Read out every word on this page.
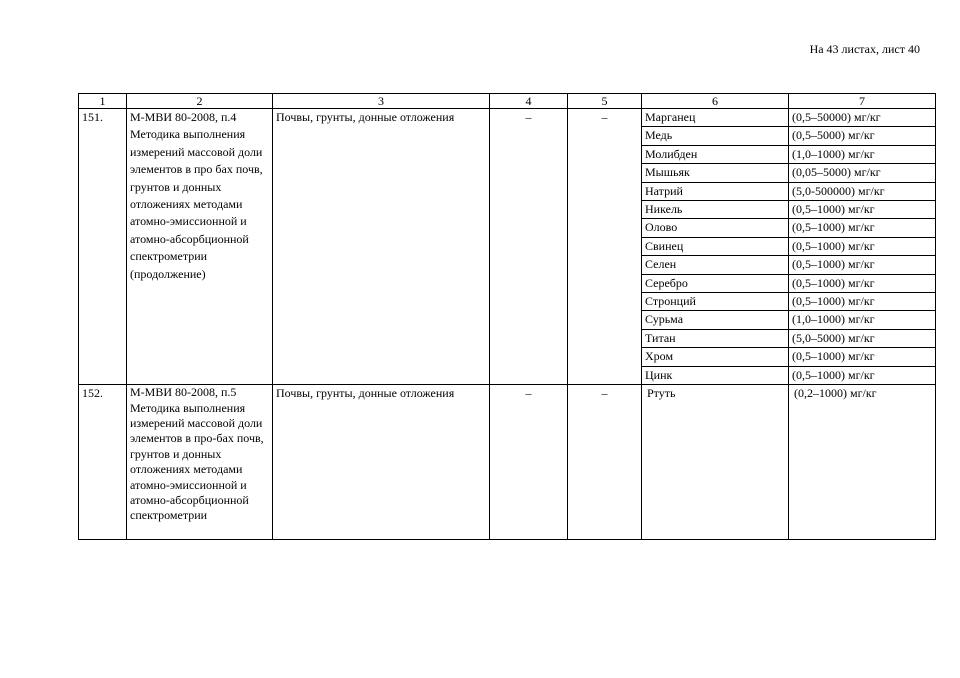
На 43 листах, лист 40
1	2	3	4	5	6	7
151.	М-МВИ 80-2008, п.4 Методика выполнения измерений массовой доли элементов в про бах почв, грунтов и донных отложениях методами атомно-эмиссионной и атомно-абсорбционной спектрометрии (продолжение)	Почвы, грунты, донные отложения	–	–	Марганец	(0,5–50000) мг/кг
					Медь	(0,5–5000) мг/кг
					Молибден	(1,0–1000) мг/кг
					Мышьяк	(0,05–5000) мг/кг
					Натрий	(5,0-500000) мг/кг
					Никель	(0,5–1000) мг/кг
					Олово	(0,5–1000) мг/кг
					Свинец	(0,5–1000) мг/кг
					Селен	(0,5–1000) мг/кг
					Серебро	(0,5–1000) мг/кг
					Стронций	(0,5–1000) мг/кг
					Сурьма	(1,0–1000) мг/кг
					Титан	(5,0–5000) мг/кг
					Хром	(0,5–1000) мг/кг
					Цинк	(0,5–1000) мг/кг
152.	М-МВИ 80-2008, п.5 Методика выполнения измерений массовой доли элементов в про-бах почв, грунтов и донных отложениях методами атомно-эмиссионной и атомно-абсорбционной спектрометрии	Почвы, грунты, донные отложения	–	–	Ртуть	(0,2–1000) мг/кг
